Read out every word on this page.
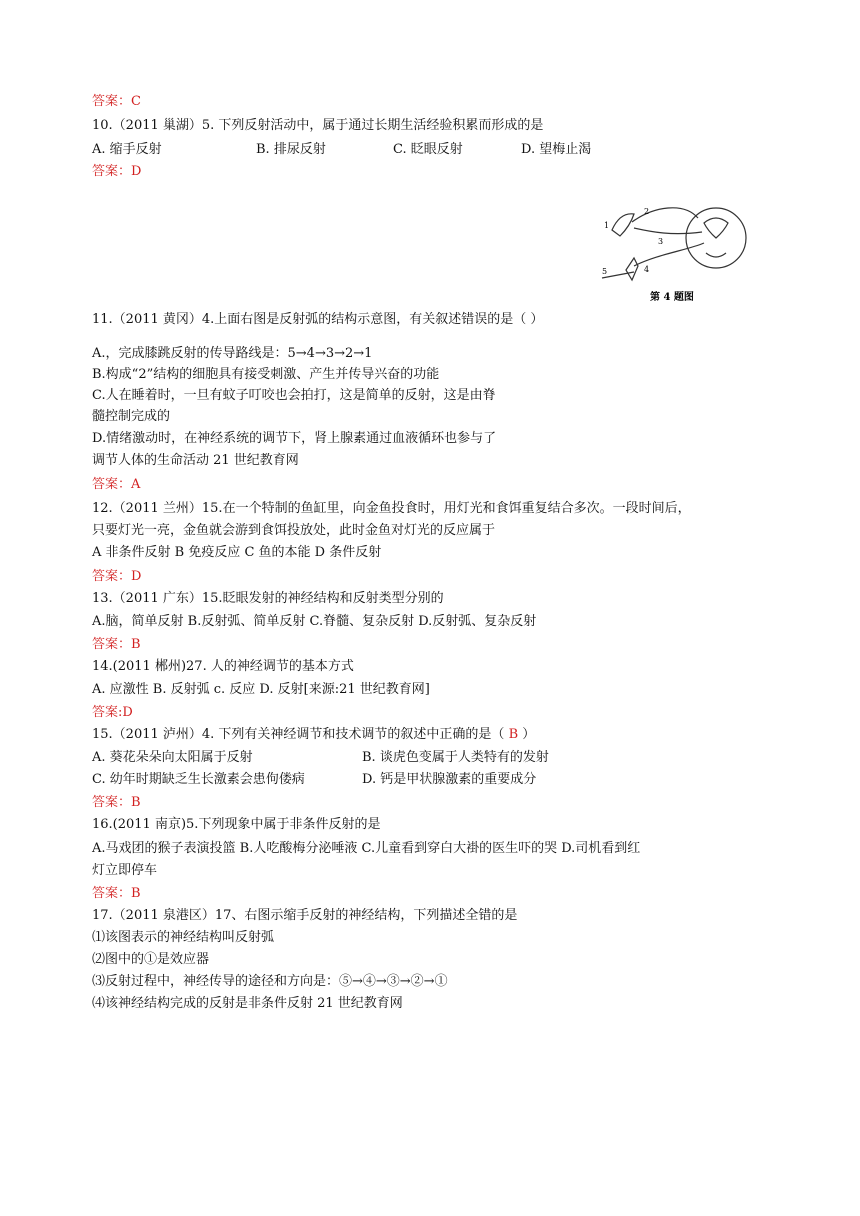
答案：C
10.（2011 巢湖）5. 下列反射活动中，属于通过长期生活经验积累而形成的是
A. 缩手反射	B. 排尿反射	C. 眨眼反射	D. 望梅止渴
答案：D
1
2
3
4
5
第 4 题图
11.（2011 黄冈）4.上面右图是反射弧的结构示意图，有关叙述错误的是（ ）
A.，完成膝跳反射的传导路线是：5→4→3→2→1
B.构成“2”结构的细胞具有接受刺激、产生并传导兴奋的功能
C.人在睡着时，一旦有蚊子叮咬也会拍打，这是简单的反射，这是由脊
髓控制完成的
D.情绪激动时，在神经系统的调节下，肾上腺素通过血液循环也参与了
调节人体的生命活动 21 世纪教育网
答案：A
12.（2011 兰州）15.在一个特制的鱼缸里，向金鱼投食时，用灯光和食饵重复结合多次。一段时间后，
只要灯光一亮，金鱼就会游到食饵投放处，此时金鱼对灯光的反应属于
A 非条件反射 B 免疫反应 C 鱼的本能 D 条件反射
答案：D
13.（2011 广东）15.眨眼发射的神经结构和反射类型分别的
A.脑，简单反射 B.反射弧、简单反射 C.脊髓、复杂反射 D.反射弧、复杂反射
答案：B
14.(2011 郴州)27. 人的神经调节的基本方式
A. 应激性 B. 反射弧 c. 反应 D. 反射[来源:21 世纪教育网]
答案:D
15.（2011 泸州）4. 下列有关神经调节和技术调节的叙述中正确的是（ B ）
A. 葵花朵朵向太阳属于反射	B. 谈虎色变属于人类特有的发射
C. 幼年时期缺乏生长激素会患佝偻病	D. 钙是甲状腺激素的重要成分
答案：B
16.(2011 南京)5.下列现象中属于非条件反射的是
A.马戏团的猴子表演投篮 B.人吃酸梅分泌唾液 C.儿童看到穿白大褂的医生吓的哭 D.司机看到红
灯立即停车
答案：B
17.（2011 泉港区）17、右图示缩手反射的神经结构，下列描述全错的是
⑴该图表示的神经结构叫反射弧
⑵图中的①是效应器
⑶反射过程中，神经传导的途径和方向是：⑤→④→③→②→①
⑷该神经结构完成的反射是非条件反射 21 世纪教育网
